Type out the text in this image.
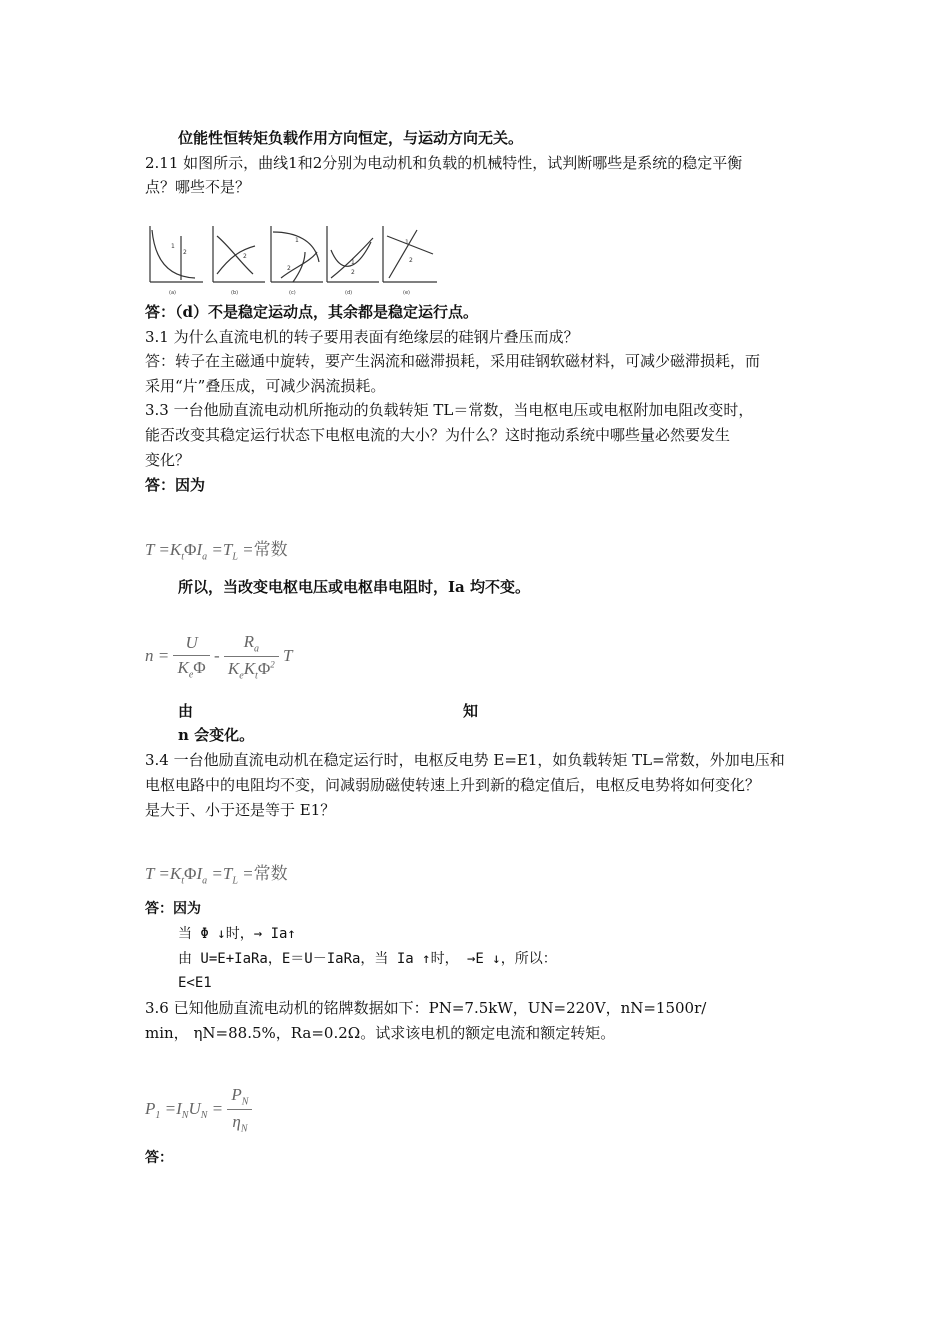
位能性恒转矩负载作用方向恒定，与运动方向无关。
2.11 如图所示，曲线1和2分别为电动机和负载的机械特性，试判断哪些是系统的稳定平衡
点？哪些不是？
1
2
2
1
2
1
2
1
2
(a)	(b)	(c)	(d)	(e)
答：（d）不是稳定运动点，其余都是稳定运行点。
3.1 为什么直流电机的转子要用表面有绝缘层的硅钢片叠压而成？
答：转子在主磁通中旋转，要产生涡流和磁滞损耗，采用硅钢软磁材料，可减少磁滞损耗，而
采用“片”叠压成，可减少涡流损耗。
3.3 一台他励直流电动机所拖动的负载转矩 TL＝常数，当电枢电压或电枢附加电阻改变时，
能否改变其稳定运行状态下电枢电流的大小？为什么？这时拖动系统中哪些量必然要发生
变化？
答：因为
$T =K_t\Phi I_a =T_L$ =常数
所以，当改变电枢电压或电枢串电阻时，Ia 均不变。
$n = \frac{U}{K_e\Phi} - \frac{R_a}{K_eK_t\Phi^2}$ T
由	知
n 会变化。
3.4 一台他励直流电动机在稳定运行时，电枢反电势 E=E1，如负载转矩 TL=常数，外加电压和
电枢电路中的电阻均不变，问减弱励磁使转速上升到新的稳定值后，电枢反电势将如何变化？
是大于、小于还是等于 E1？
$T =K_t\Phi I_a =T_L$ =常数
答：因为
当 Φ ↓时，→ Ia↑
由 U=E+IaRa，E＝U－IaRa，当 Ia ↑时， →E ↓，所以：
E<E1
3.6 已知他励直流电动机的铭牌数据如下：PN=7.5kW，UN=220V，nN=1500r/
min， ηN=88.5%，Ra=0.2Ω。试求该电机的额定电流和额定转矩。
$P_1 =I_NU_N = \frac{P_N}{\eta_N}$
答：
